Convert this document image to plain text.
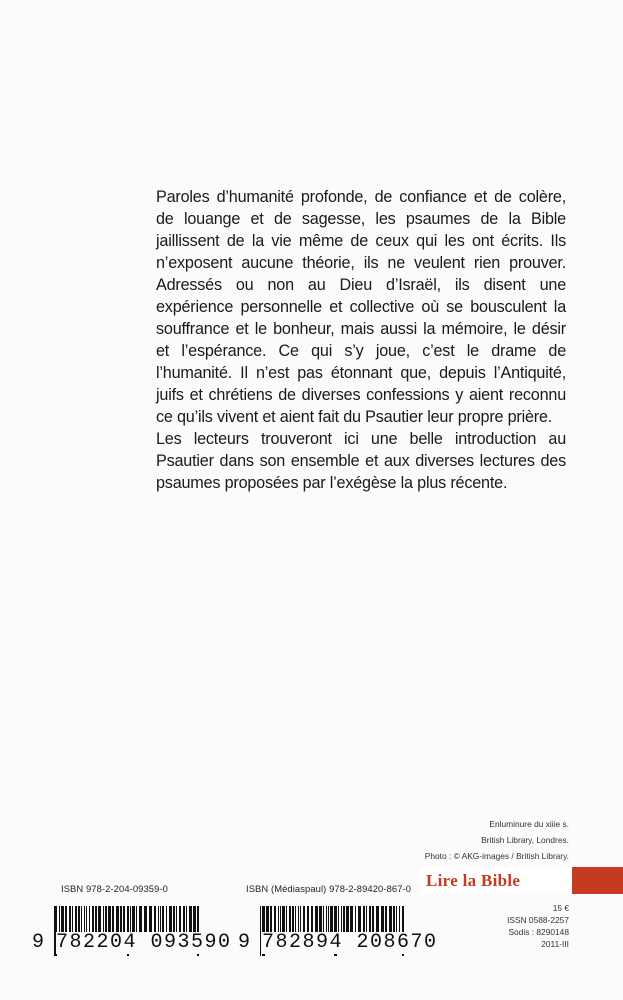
Paroles d’humanité profonde, de confiance et de colère, de louange et de sagesse, les psaumes de la Bible jaillissent de la vie même de ceux qui les ont écrits. Ils n’exposent aucune théorie, ils ne veulent rien prouver. Adressés ou non au Dieu d’Israël, ils disent une expérience personnelle et collective où se bousculent la souffrance et le bonheur, mais aussi la mémoire, le désir et l’espérance. Ce qui s’y joue, c’est le drame de l’humanité. Il n’est pas étonnant que, depuis l’Antiquité, juifs et chrétiens de diverses confessions y aient reconnu ce qu’ils vivent et aient fait du Psautier leur propre prière.

Les lecteurs trouveront ici une belle introduction au Psautier dans son ensemble et aux diverses lectures des psaumes proposées par l’exégèse la plus récente.

Enluminure du xiiie s.
British Library, Londres.
Photo : © AKG-images / British Library.
Lire la Bible
ISBN 978-2-204-09359-0	ISBN (Médiaspaul) 978-2-89420-867-0
9 782204 093590 9 782894 208670
15 €
ISSN 0588-2257
Sodis : 8290148
2011-III
